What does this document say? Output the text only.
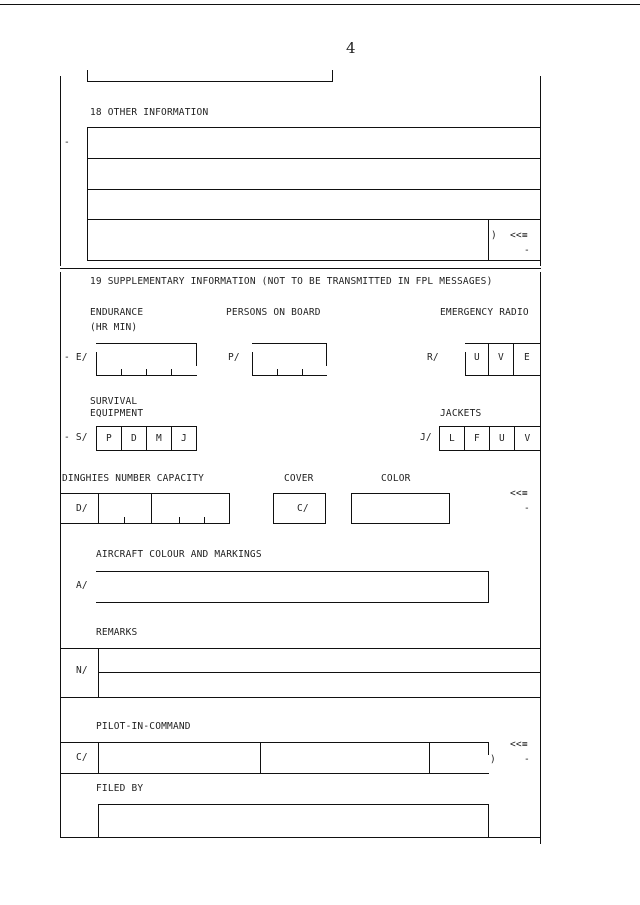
4
18 OTHER INFORMATION
-
) <<≡
-
19 SUPPLEMENTARY INFORMATION (NOT TO BE TRANSMITTED IN FPL MESSAGES)
ENDURANCE
(HR MIN)
- E/
PERSONS ON BOARD
P/
EMERGENCY RADIO
R/	U	V	E
SURVIVAL
EQUIPMENT
- S/	P	D	M	J
JACKETS
J/	L	F	U	V
DINGHIES NUMBER CAPACITY
D/
COVER
C/
COLOR
<<≡
-
AIRCRAFT COLOUR AND MARKINGS
A/
REMARKS
N/
PILOT-IN-COMMAND
C/	)
<<≡
-
FILED BY
